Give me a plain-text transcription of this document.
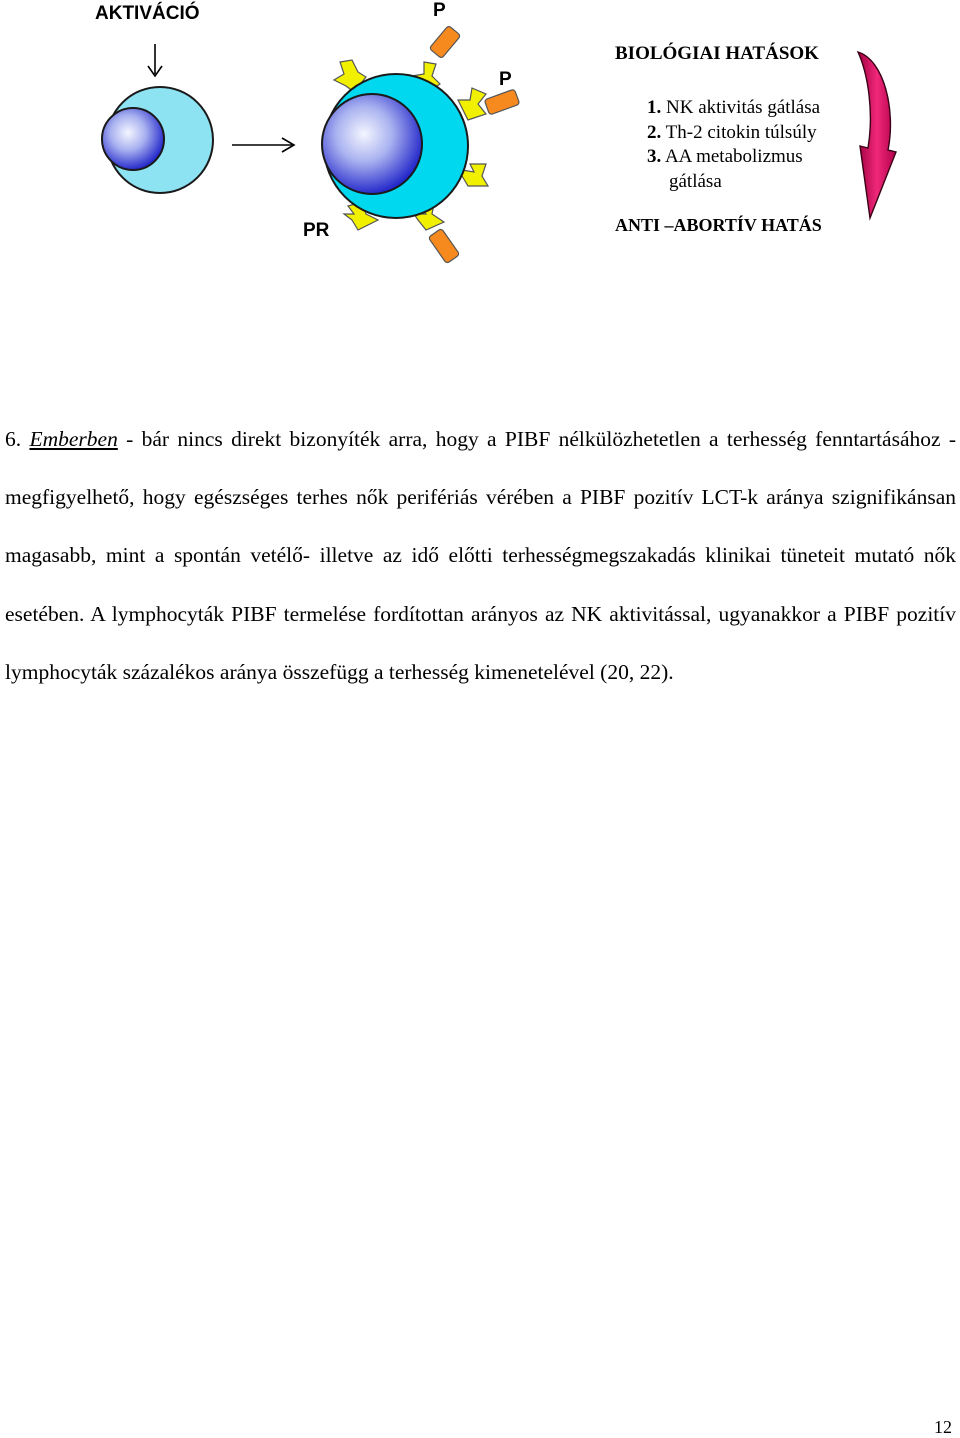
AKTIVÁCIÓ	P
P
PR
BIOLÓGIAI HATÁSOK
1. NK aktivitás gátlása
2. Th-2 citokin túlsúly
3. AA metabolizmus
gátlása
ANTI –ABORTÍV HATÁS
6. Emberben - bár nincs direkt bizonyíték arra, hogy a PIBF nélkülözhetetlen a terhesség fenntartásához - megfigyelhető, hogy egészséges terhes nők perifériás vérében a PIBF pozitív LCT-k aránya szignifikánsan magasabb, mint a spontán vetélő- illetve az idő előtti terhességmegszakadás klinikai tüneteit mutató nők esetében. A lymphocyták PIBF termelése fordítottan arányos az NK aktivitással, ugyanakkor a PIBF pozitív lymphocyták százalékos aránya összefügg a terhesség kimenetelével (20, 22).
12
